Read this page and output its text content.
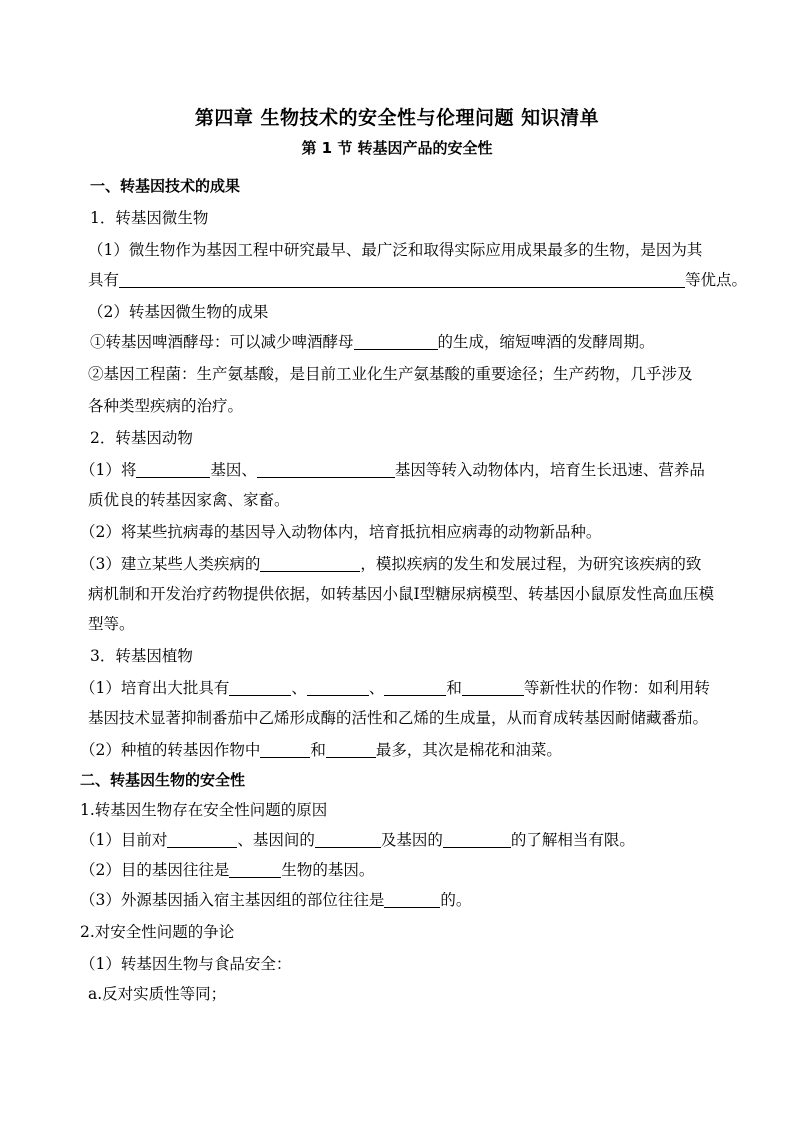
第四章 生物技术的安全性与伦理问题 知识清单
第 1 节 转基因产品的安全性
一、转基因技术的成果
1．转基因微生物
（1）微生物作为基因工程中研究最早、最广泛和取得实际应用成果最多的生物，是因为其
具有	等优点。
（2）转基因微生物的成果
①转基因啤酒酵母：可以减少啤酒酵母	的生成，缩短啤酒的发酵周期。
②基因工程菌：生产氨基酸，是目前工业化生产氨基酸的重要途径；生产药物，几乎涉及
各种类型疾病的治疗。
2．转基因动物
（1）将	基因、	基因等转入动物体内，培育生长迅速、营养品
质优良的转基因家禽、家畜。
（2）将某些抗病毒的基因导入动物体内，培育抵抗相应病毒的动物新品种。
（3）建立某些人类疾病的	，模拟疾病的发生和发展过程，为研究该疾病的致
病机制和开发治疗药物提供依据，如转基因小鼠Ⅰ型糖尿病模型、转基因小鼠原发性高血压模
型等。
3．转基因植物
（1）培育出大批具有	、	、	和	等新性状的作物：如利用转
基因技术显著抑制番茄中乙烯形成酶的活性和乙烯的生成量，从而育成转基因耐储藏番茄。
（2）种植的转基因作物中	和	最多，其次是棉花和油菜。
二、转基因生物的安全性
1.转基因生物存在安全性问题的原因
（1）目前对	、基因间的	及基因的	的了解相当有限。
（2）目的基因往往是	生物的基因。
（3）外源基因插入宿主基因组的部位往往是	的。
2.对安全性问题的争论
（1）转基因生物与食品安全：
a.反对实质性等同；
